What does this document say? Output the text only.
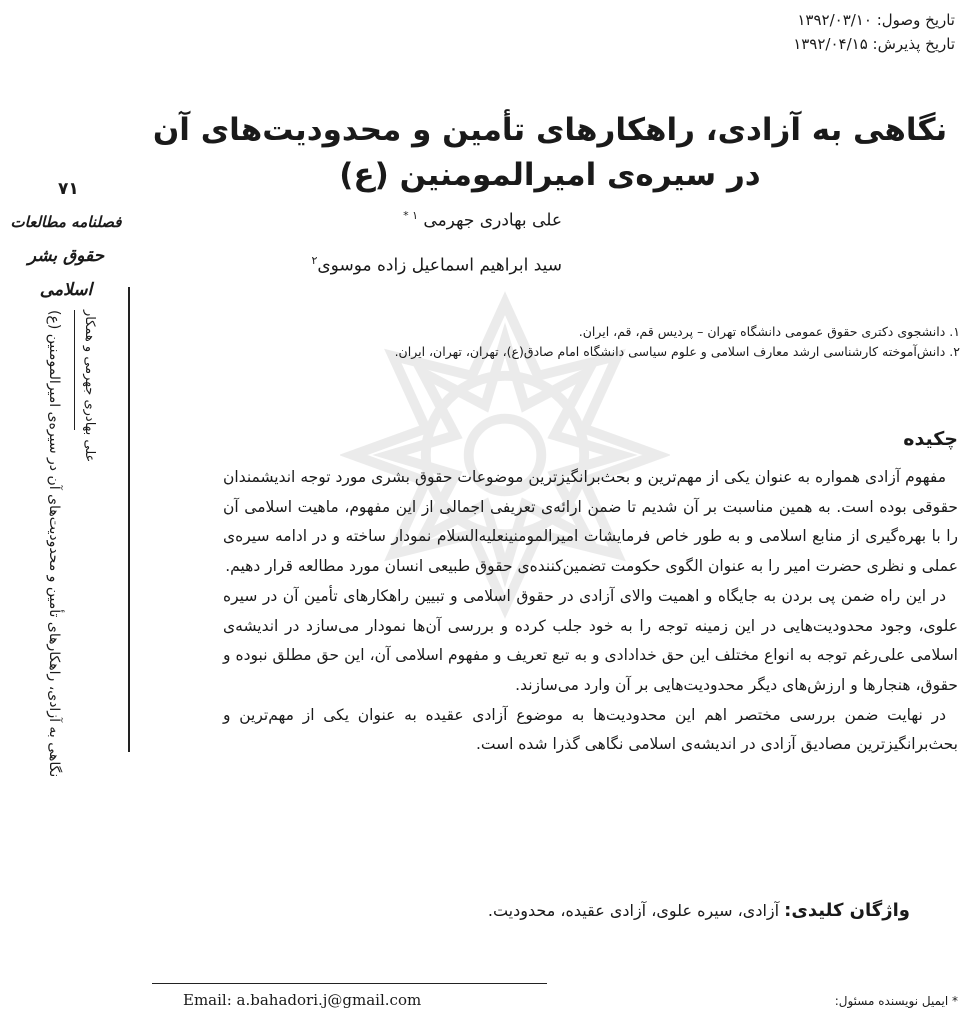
تاریخ وصول: ۱۳۹۲/۰۳/۱۰
تاریخ پذیرش: ۱۳۹۲/۰۴/۱۵
نگاهی به آزادی، راهکارهای تأمین و محدودیت‌های آن در سیره‌ی امیرالمومنین (ع)
۷۱
فصلنامه مطالعات
حقوق بشر اسلامی
نگاهی به آزادی، راهکارهای تأمین و محدودیت‌های آن در سیره‌ی امیرالمومنین (ع) علی بهادری جهرمی و همکار
علی بهادری جهرمی $^{۱ *}$
سید ابراهیم اسماعیل زاده موسوی$^۲$
۱. دانشجوی دکتری حقوق عمومی دانشگاه تهران – پردیس قم، قم، ایران.
۲. دانش‌آموخته کارشناسی ارشد معارف اسلامی و علوم سیاسی دانشگاه امام صادق(ع)، تهران، تهران، ایران.
چکیده

مفهوم آزادی همواره به عنوان یکی از مهم‌ترین و بحث‌برانگیزترین موضوعات حقوق بشری مورد توجه اندیشمندان حقوقی بوده است. به همین مناسبت بر آن شدیم تا ضمن ارائه‌ی تعریفی اجمالی از این مفهوم، ماهیت اسلامی آن را با بهره‌گیری از منابع اسلامی و به طور خاص فرمایشات امیرالمومنینعلیه‌السلام نمودار ساخته و در ادامه سیره‌ی عملی و نظری حضرت امیر را به عنوان الگوی حکومت تضمین‌کننده‌ی حقوق طبیعی انسان مورد مطالعه قرار دهیم.

در این راه ضمن پی بردن به جایگاه و اهمیت والای آزادی در حقوق اسلامی و تبیین راهکارهای تأمین آن در سیره علوی، وجود محدودیت‌هایی در این زمینه توجه را به خود جلب کرده و بررسی آن‌ها نمودار می‌سازد در اندیشه‌ی اسلامی علی‌رغم توجه به انواع مختلف این حق خدادادی و به تبع تعریف و مفهوم اسلامی آن، این حق مطلق نبوده و حقوق، هنجارها و ارزش‌های دیگر محدودیت‌هایی بر آن وارد می‌سازند.

در نهایت ضمن بررسی مختصر اهم این محدودیت‌ها به موضوع آزادی عقیده به عنوان یکی از مهم‌ترین و بحث‌برانگیزترین مصادیق آزادی در اندیشه‌ی اسلامی نگاهی گذرا شده است.

واژگان کلیدی: آزادی، سیره علوی، آزادی عقیده، محدودیت.
* ایمیل نویسنده مسئول:
Email: a.bahadori.j@gmail.com
